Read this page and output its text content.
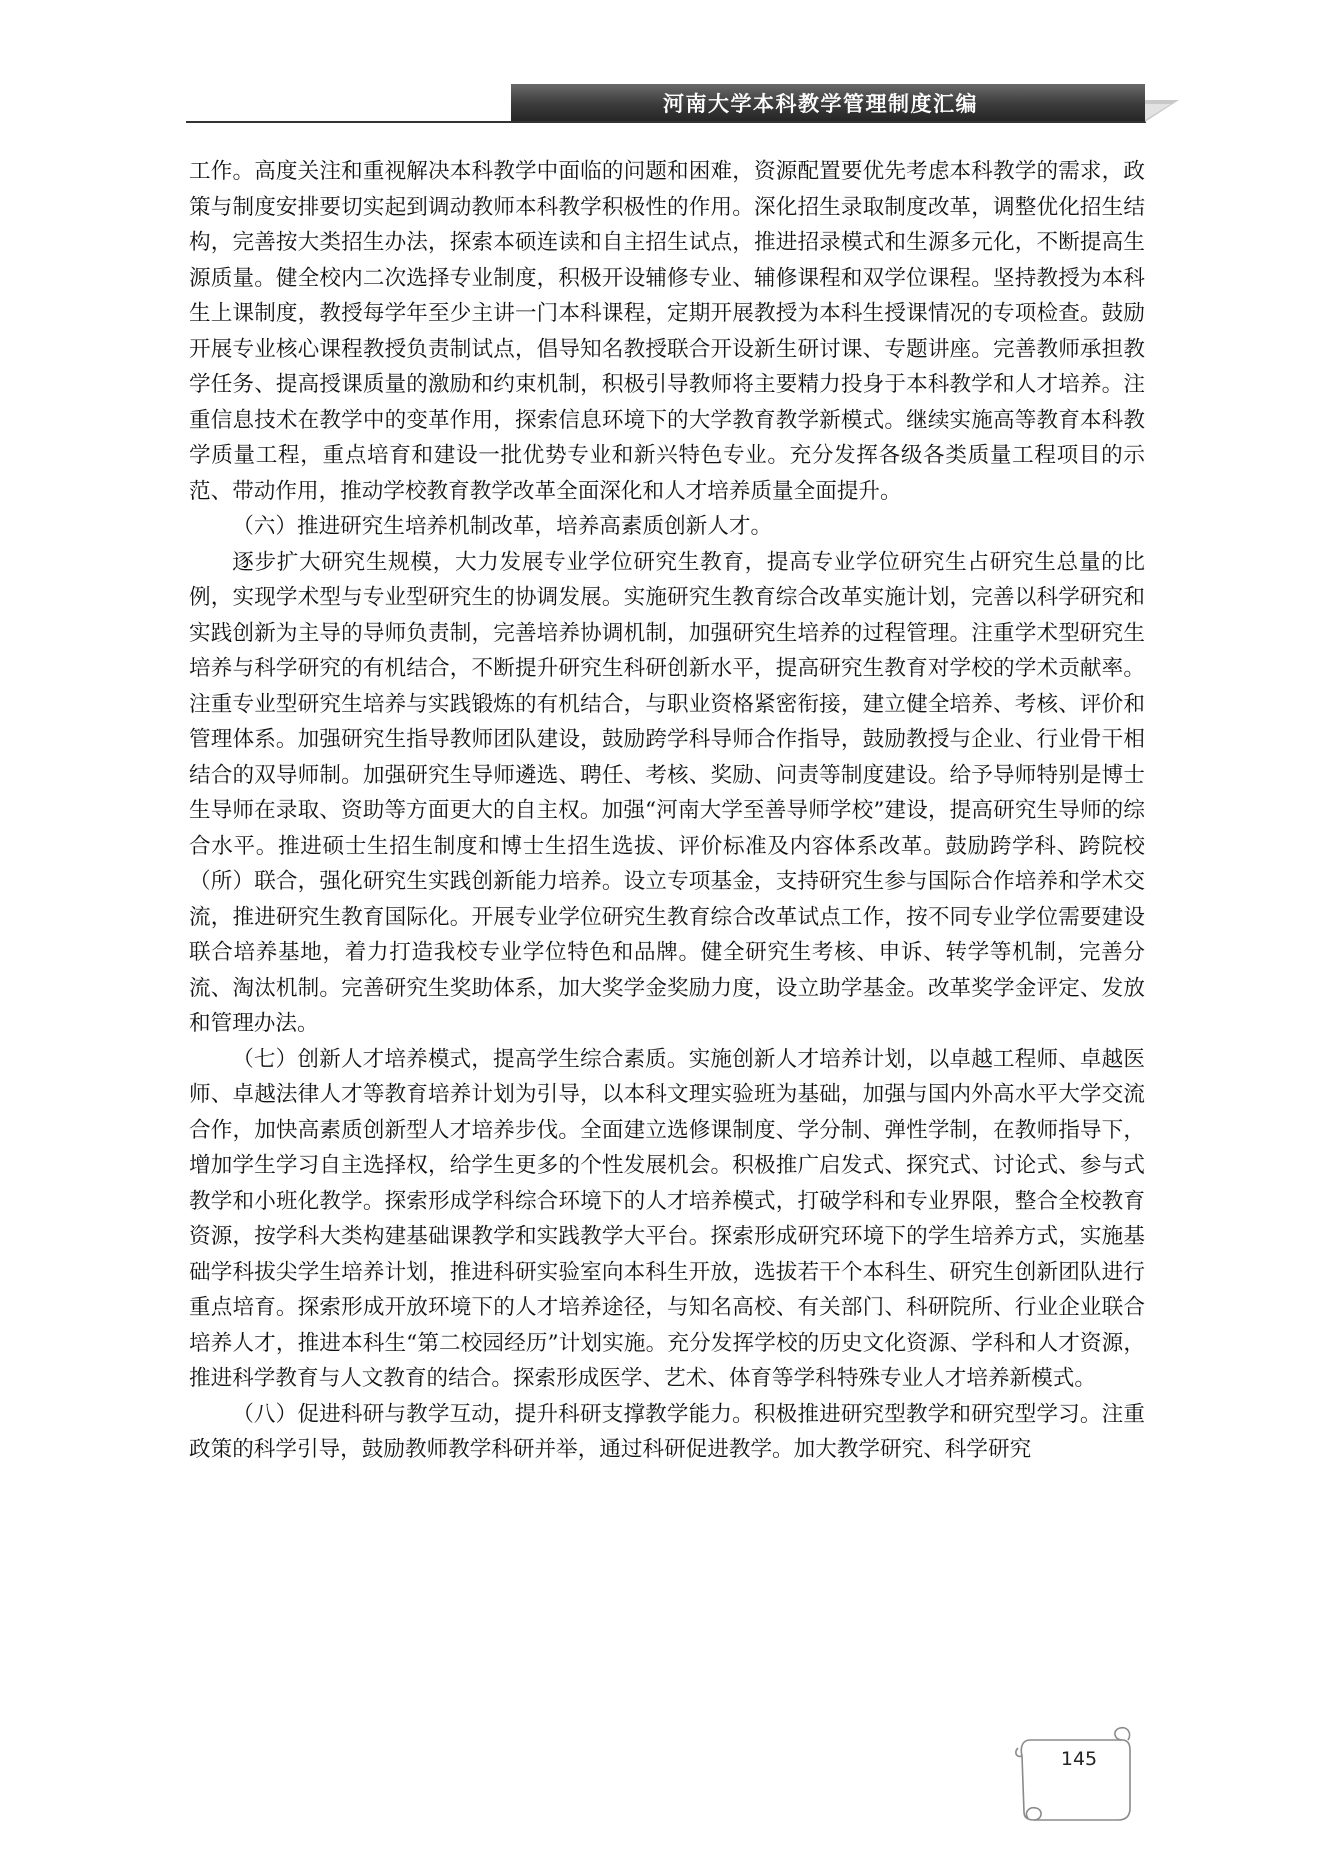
河南大学本科教学管理制度汇编

工作。高度关注和重视解决本科教学中面临的问题和困难，资源配置要优先考虑本科教学的需求，政策与制度安排要切实起到调动教师本科教学积极性的作用。深化招生录取制度改革，调整优化招生结构，完善按大类招生办法，探索本硕连读和自主招生试点，推进招录模式和生源多元化，不断提高生源质量。健全校内二次选择专业制度，积极开设辅修专业、辅修课程和双学位课程。坚持教授为本科生上课制度，教授每学年至少主讲一门本科课程，定期开展教授为本科生授课情况的专项检查。鼓励开展专业核心课程教授负责制试点，倡导知名教授联合开设新生研讨课、专题讲座。完善教师承担教学任务、提高授课质量的激励和约束机制，积极引导教师将主要精力投身于本科教学和人才培养。注重信息技术在教学中的变革作用，探索信息环境下的大学教育教学新模式。继续实施高等教育本科教学质量工程，重点培育和建设一批优势专业和新兴特色专业。充分发挥各级各类质量工程项目的示范、带动作用，推动学校教育教学改革全面深化和人才培养质量全面提升。

（六）推进研究生培养机制改革，培养高素质创新人才。

逐步扩大研究生规模，大力发展专业学位研究生教育，提高专业学位研究生占研究生总量的比例，实现学术型与专业型研究生的协调发展。实施研究生教育综合改革实施计划，完善以科学研究和实践创新为主导的导师负责制，完善培养协调机制，加强研究生培养的过程管理。注重学术型研究生培养与科学研究的有机结合，不断提升研究生科研创新水平，提高研究生教育对学校的学术贡献率。注重专业型研究生培养与实践锻炼的有机结合，与职业资格紧密衔接，建立健全培养、考核、评价和管理体系。加强研究生指导教师团队建设，鼓励跨学科导师合作指导，鼓励教授与企业、行业骨干相结合的双导师制。加强研究生导师遴选、聘任、考核、奖励、问责等制度建设。给予导师特别是博士生导师在录取、资助等方面更大的自主权。加强“河南大学至善导师学校”建设，提高研究生导师的综合水平。推进硕士生招生制度和博士生招生选拔、评价标准及内容体系改革。鼓励跨学科、跨院校（所）联合，强化研究生实践创新能力培养。设立专项基金，支持研究生参与国际合作培养和学术交流，推进研究生教育国际化。开展专业学位研究生教育综合改革试点工作，按不同专业学位需要建设联合培养基地，着力打造我校专业学位特色和品牌。健全研究生考核、申诉、转学等机制，完善分流、淘汰机制。完善研究生奖助体系，加大奖学金奖励力度，设立助学基金。改革奖学金评定、发放和管理办法。

（七）创新人才培养模式，提高学生综合素质。实施创新人才培养计划，以卓越工程师、卓越医师、卓越法律人才等教育培养计划为引导，以本科文理实验班为基础，加强与国内外高水平大学交流合作，加快高素质创新型人才培养步伐。全面建立选修课制度、学分制、弹性学制，在教师指导下，增加学生学习自主选择权，给学生更多的个性发展机会。积极推广启发式、探究式、讨论式、参与式教学和小班化教学。探索形成学科综合环境下的人才培养模式，打破学科和专业界限，整合全校教育资源，按学科大类构建基础课教学和实践教学大平台。探索形成研究环境下的学生培养方式，实施基础学科拔尖学生培养计划，推进科研实验室向本科生开放，选拔若干个本科生、研究生创新团队进行重点培育。探索形成开放环境下的人才培养途径，与知名高校、有关部门、科研院所、行业企业联合培养人才，推进本科生“第二校园经历”计划实施。充分发挥学校的历史文化资源、学科和人才资源，推进科学教育与人文教育的结合。探索形成医学、艺术、体育等学科特殊专业人才培养新模式。

（八）促进科研与教学互动，提升科研支撑教学能力。积极推进研究型教学和研究型学习。注重政策的科学引导，鼓励教师教学科研并举，通过科研促进教学。加大教学研究、科学研究

145
